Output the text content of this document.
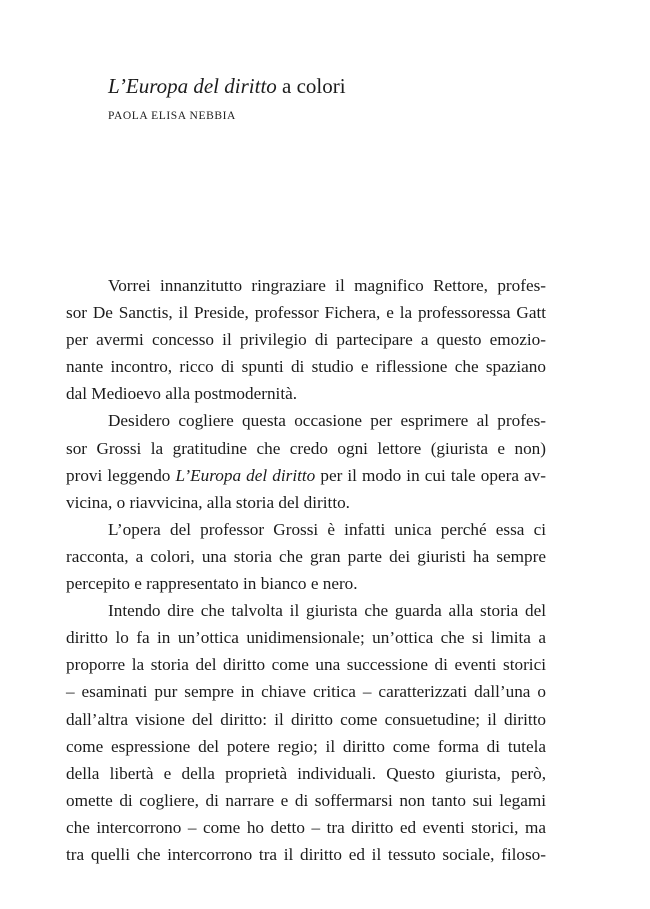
L’Europa del diritto a colori
PAOLA ELISA NEBBIA
Vorrei innanzitutto ringraziare il magnifico Rettore, profes-
sor De Sanctis, il Preside, professor Fichera, e la professoressa Gatt
per avermi concesso il privilegio di partecipare a questo emozio-
nante incontro, ricco di spunti di studio e riflessione che spaziano
dal Medioevo alla postmodernità.
Desidero cogliere questa occasione per esprimere al profes-
sor Grossi la gratitudine che credo ogni lettore (giurista e non)
provi leggendo L’Europa del diritto per il modo in cui tale opera av-
vicina, o riavvicina, alla storia del diritto.
L’opera del professor Grossi è infatti unica perché essa ci
racconta, a colori, una storia che gran parte dei giuristi ha sempre
percepito e rappresentato in bianco e nero.
Intendo dire che talvolta il giurista che guarda alla storia del
diritto lo fa in un’ottica unidimensionale; un’ottica che si limita a
proporre la storia del diritto come una successione di eventi storici
– esaminati pur sempre in chiave critica – caratterizzati dall’una o
dall’altra visione del diritto: il diritto come consuetudine; il diritto
come espressione del potere regio; il diritto come forma di tutela
della libertà e della proprietà individuali. Questo giurista, però,
omette di cogliere, di narrare e di soffermarsi non tanto sui legami
che intercorrono – come ho detto – tra diritto ed eventi storici, ma
tra quelli che intercorrono tra il diritto ed il tessuto sociale, filoso-
